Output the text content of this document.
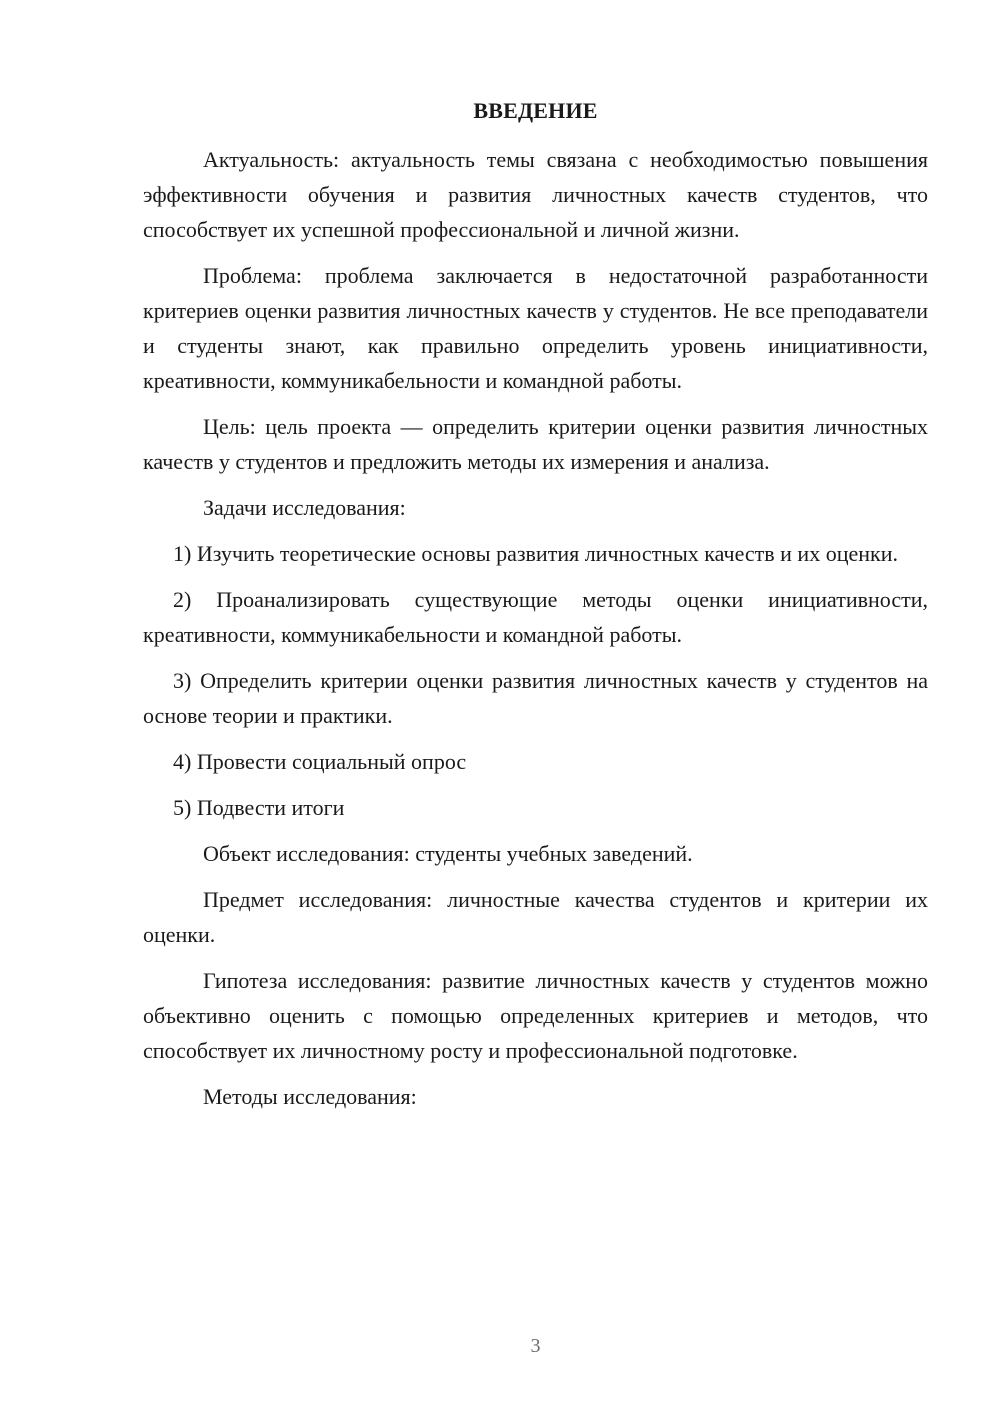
ВВЕДЕНИЕ

Актуальность: актуальность темы связана с необходимостью повышения эффективности обучения и развития личностных качеств студентов, что способствует их успешной профессиональной и личной жизни.

Проблема: проблема заключается в недостаточной разработанности критериев оценки развития личностных качеств у студентов. Не все преподаватели и студенты знают, как правильно определить уровень инициативности, креативности, коммуникабельности и командной работы.

Цель: цель проекта — определить критерии оценки развития личностных качеств у студентов и предложить методы их измерения и анализа.

Задачи исследования:

1) Изучить теоретические основы развития личностных качеств и их оценки.

2) Проанализировать существующие методы оценки инициативности, креативности, коммуникабельности и командной работы.

3) Определить критерии оценки развития личностных качеств у студентов на основе теории и практики.

4) Провести социальный опрос

5) Подвести итоги

Объект исследования: студенты учебных заведений.

Предмет исследования: личностные качества студентов и критерии их оценки.

Гипотеза исследования: развитие личностных качеств у студентов можно объективно оценить с помощью определенных критериев и методов, что способствует их личностному росту и профессиональной подготовке.

Методы исследования:

3
